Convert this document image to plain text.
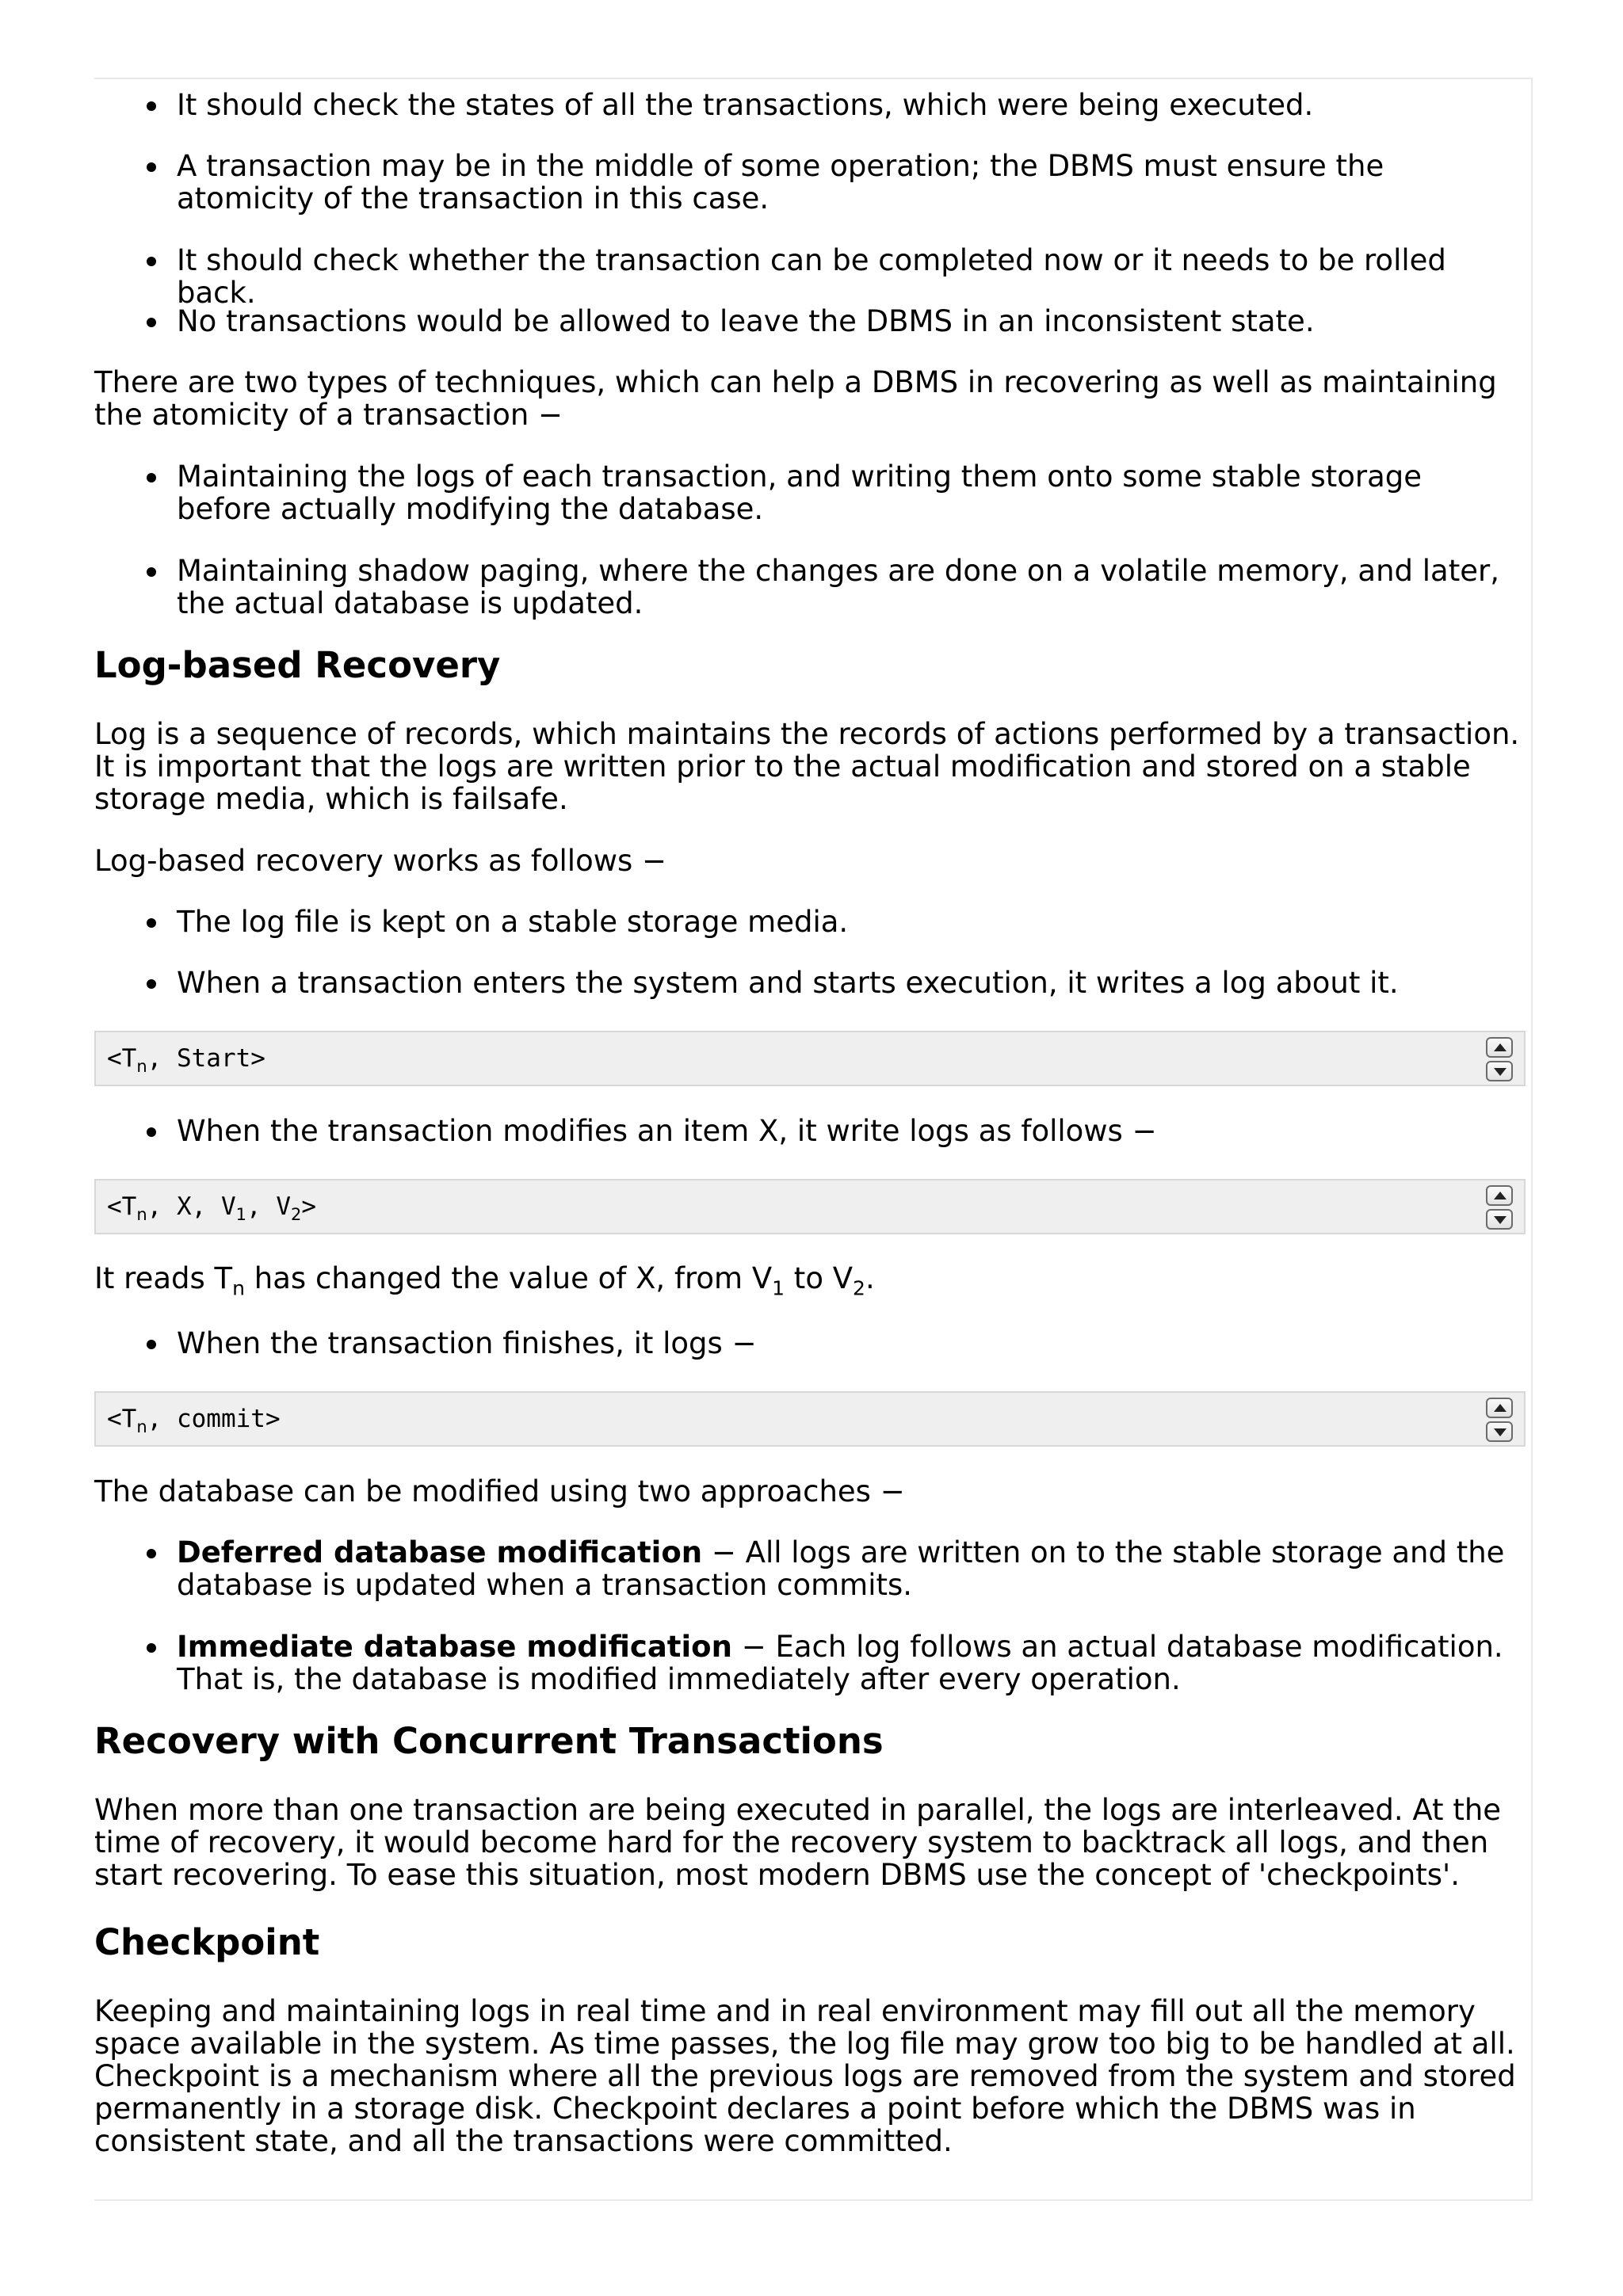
It should check the states of all the transactions, which were being executed.
A transaction may be in the middle of some operation; the DBMS must ensure the atomicity of the transaction in this case.
It should check whether the transaction can be completed now or it needs to be rolled back.
No transactions would be allowed to leave the DBMS in an inconsistent state.

There are two types of techniques, which can help a DBMS in recovering as well as maintaining the atomicity of a transaction −

Maintaining the logs of each transaction, and writing them onto some stable storage before actually modifying the database.
Maintaining shadow paging, where the changes are done on a volatile memory, and later, the actual database is updated.
Log-based Recovery

Log is a sequence of records, which maintains the records of actions performed by a transaction. It is important that the logs are written prior to the actual modification and stored on a stable storage media, which is failsafe.

Log-based recovery works as follows −

The log file is kept on a stable storage media.
When a transaction enters the system and starts execution, it writes a log about it.
$<T_n$, Start>
When the transaction modifies an item X, it write logs as follows −
$<T_n$, X, $V_1$, $V_2>$

It reads $T_n$ has changed the value of X, from $V_1$ to $V_2$.

When the transaction finishes, it logs −
$<T_n$, commit>

The database can be modified using two approaches −

Deferred database modification − All logs are written on to the stable storage and the database is updated when a transaction commits.
Immediate database modification − Each log follows an actual database modification. That is, the database is modified immediately after every operation.
Recovery with Concurrent Transactions

When more than one transaction are being executed in parallel, the logs are interleaved. At the time of recovery, it would become hard for the recovery system to backtrack all logs, and then start recovering. To ease this situation, most modern DBMS use the concept of 'checkpoints'.

Checkpoint

Keeping and maintaining logs in real time and in real environment may fill out all the memory space available in the system. As time passes, the log file may grow too big to be handled at all. Checkpoint is a mechanism where all the previous logs are removed from the system and stored permanently in a storage disk. Checkpoint declares a point before which the DBMS was in consistent state, and all the transactions were committed.
